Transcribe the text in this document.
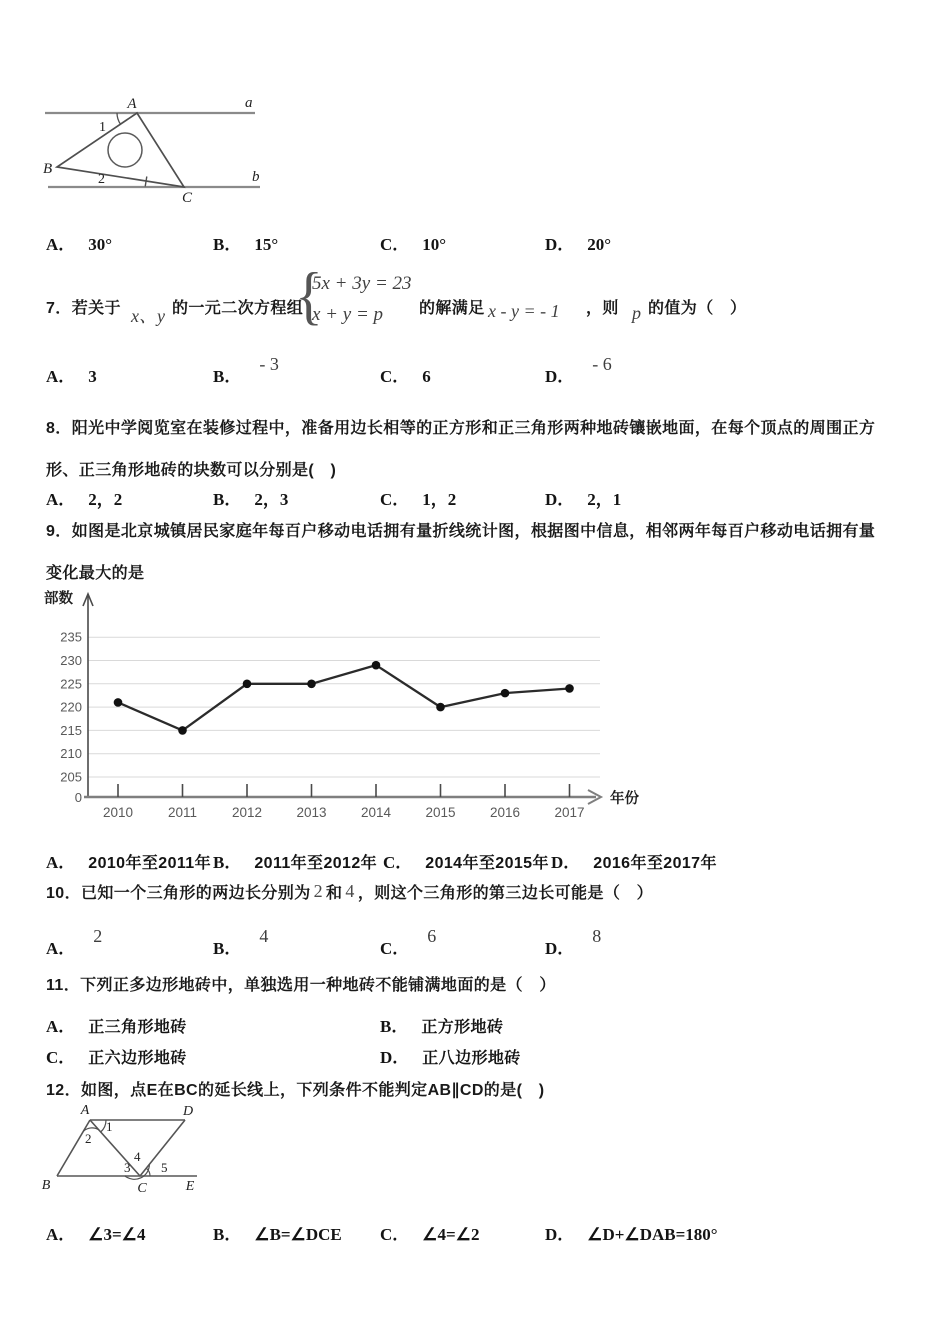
A	a
B	b
C
1
2
A． 30°	B． 15°	C． 10°	D． 20°
7．若关于 x、y 的一元二次方程组
{
5x + 3y = 23
x + y = p	的解满足 x - y = - 1 ，则 p 的值为（　）
A． 3	B．- 3
C． 6	D．- 6
8．阳光中学阅览室在装修过程中，准备用边长相等的正方形和正三角形两种地砖镶嵌地面，在每个顶点的周围正方
形、正三角形地砖的块数可以分别是(　)
A． 2，2	B． 2，3	C． 1，2	D． 2，1
9．如图是北京城镇居民家庭年每百户移动电话拥有量折线统计图，根据图中信息，相邻两年每百户移动电话拥有量
变化最大的是
205
210
215
220
225
230
235
0
2010	2011	2012	2013	2014	2015	2016	2017
部数
年份
A． 2010年至2011年 B． 2011年至2012年 C． 2014年至2015年 D． 2016年至2017年
10．已知一个三角形的两边长分别为 2 和 4 ，则这个三角形的第三边长可能是（　）
A．2
B．4
C．6
D．8
11．下列正多边形地砖中，单独选用一种地砖不能铺满地面的是（　）
A． 正三角形地砖	B． 正方形地砖
C． 正六边形地砖	D． 正八边形地砖
12．如图，点E在BC的延长线上，下列条件不能判定AB∥CD的是(　)
A	D
B	C	E
1
2
3
4
5
A． ∠3=∠4	B． ∠B=∠DCE C． ∠4=∠2	D． ∠D+∠DAB=180°
